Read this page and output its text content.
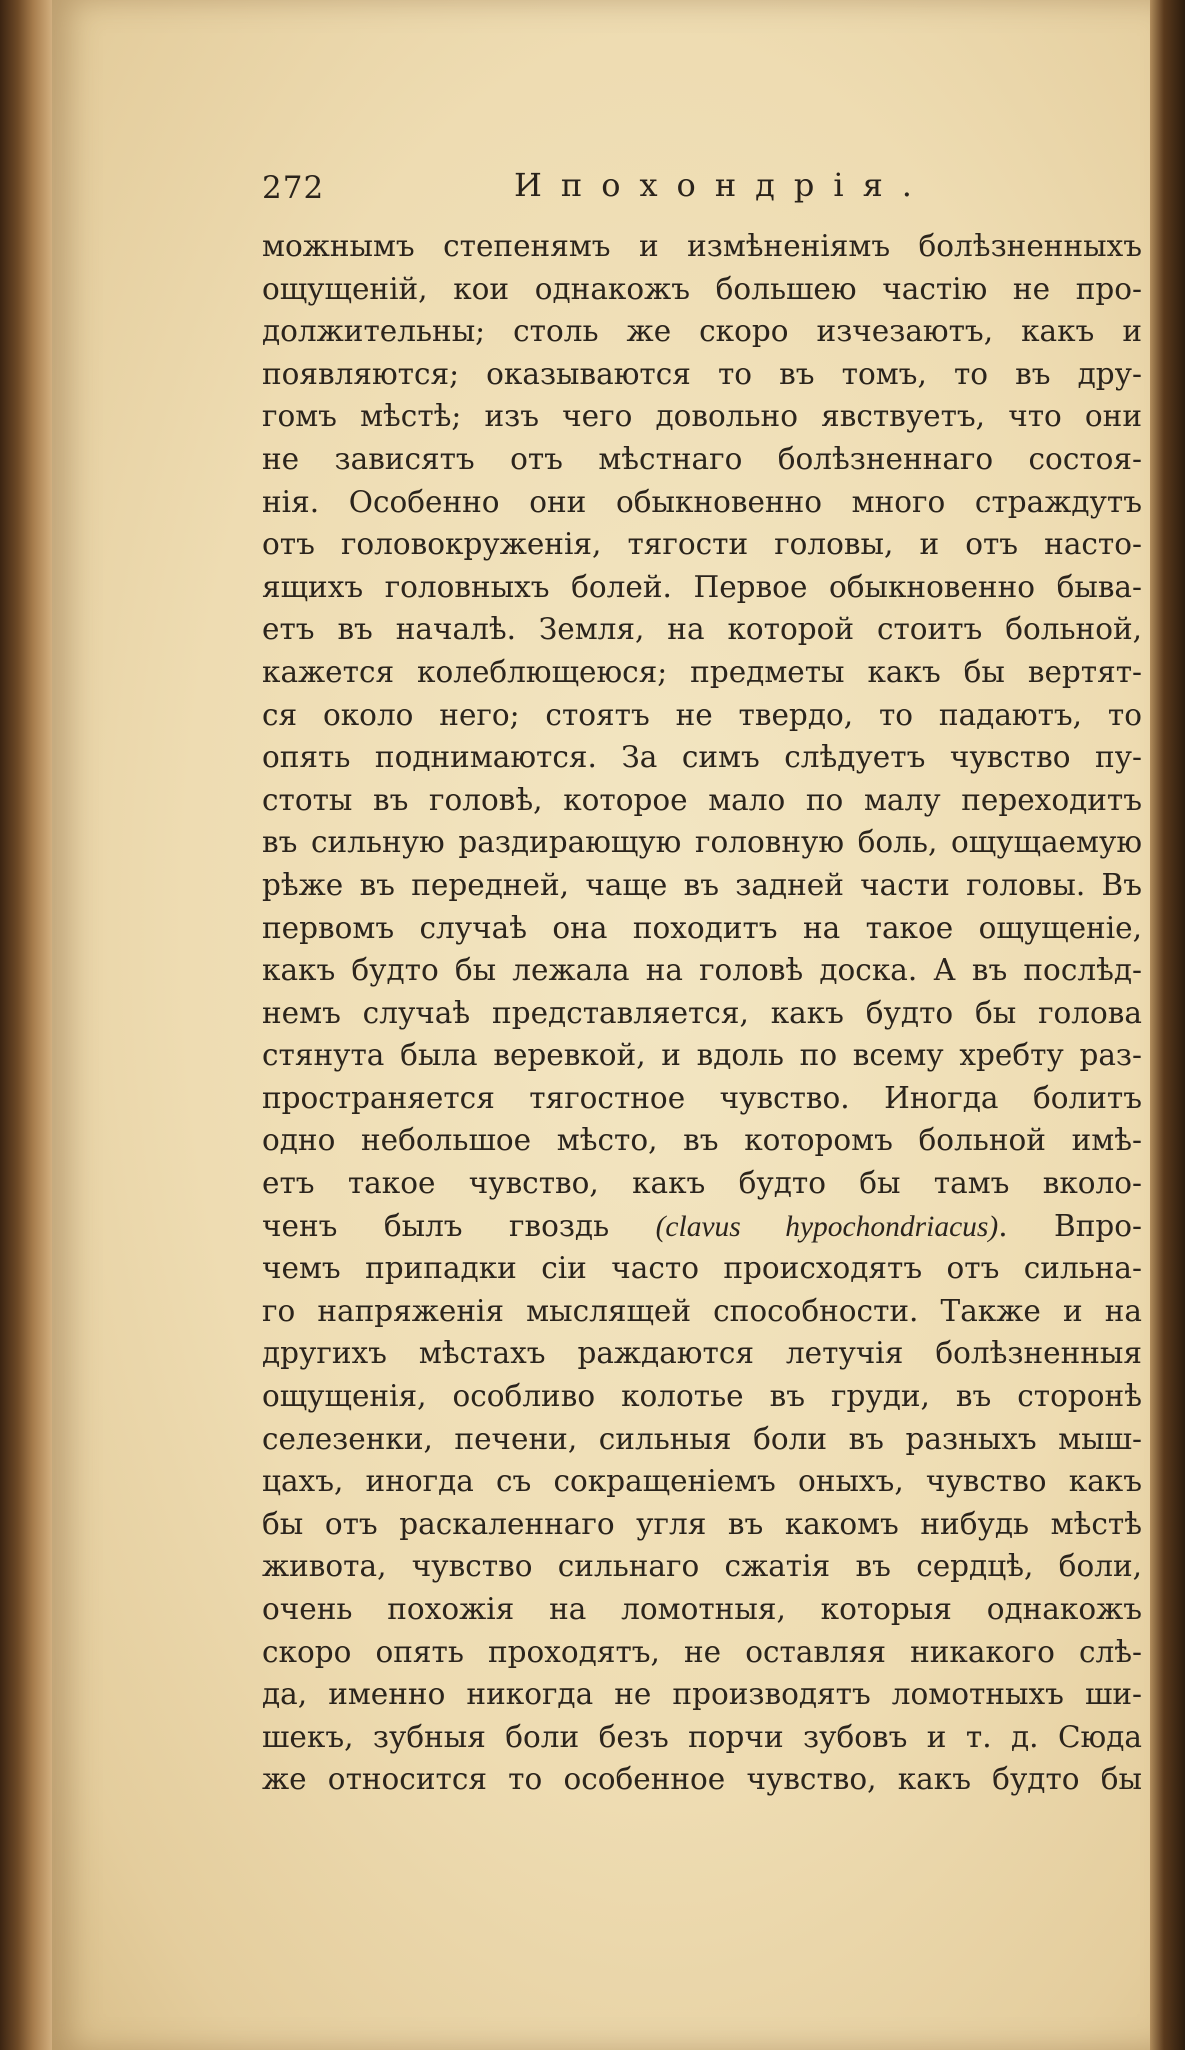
272	Ипохондрія.
можнымъ степенямъ и измѣненіямъ болѣзненныхъ
ощущеній, кои однакожъ большею частію не про-
должительны; столь же скоро изчезаютъ, какъ и
появляются; оказываются то въ томъ, то въ дру-
гомъ мѣстѣ; изъ чего довольно явствуетъ, что они
не зависятъ отъ мѣстнаго болѣзненнаго состоя-
нія. Особенно они обыкновенно много страждутъ
отъ головокруженія, тягости головы, и отъ насто-
ящихъ головныхъ болей. Первое обыкновенно быва-
етъ въ началѣ. Земля, на которой стоитъ больной,
кажется колеблющеюся; предметы какъ бы вертят-
ся около него; стоятъ не твердо, то падаютъ, то
опять поднимаются. За симъ слѣдуетъ чувство пу-
стоты въ головѣ, которое мало по малу переходитъ
въ сильную раздирающую головную боль, ощущаемую
рѣже въ передней, чаще въ задней части головы. Въ
первомъ случаѣ она походитъ на такое ощущеніе,
какъ будто бы лежала на головѣ доска. А въ послѣд-
немъ случаѣ представляется, какъ будто бы голова
стянута была веревкой, и вдоль по всему хребту раз-
пространяется тягостное чувство. Иногда болитъ
одно небольшое мѣсто, въ которомъ больной имѣ-
етъ такое чувство, какъ будто бы тамъ вколо-
ченъ былъ гвоздь (clavus hypochondriacus). Впро-
чемъ припадки сіи часто происходятъ отъ сильна-
го напряженія мыслящей способности. Также и на
другихъ мѣстахъ раждаются летучія болѣзненныя
ощущенія, особливо колотье въ груди, въ сторонѣ
селезенки, печени, сильныя боли въ разныхъ мыш-
цахъ, иногда съ сокращеніемъ оныхъ, чувство какъ
бы отъ раскаленнаго угля въ какомъ нибудь мѣстѣ
живота, чувство сильнаго сжатія въ сердцѣ, боли,
очень похожія на ломотныя, которыя однакожъ
скоро опять проходятъ, не оставляя никакого слѣ-
да, именно никогда не производятъ ломотныхъ ши-
шекъ, зубныя боли безъ порчи зубовъ и т. д. Сюда
же относится то особенное чувство, какъ будто бы
